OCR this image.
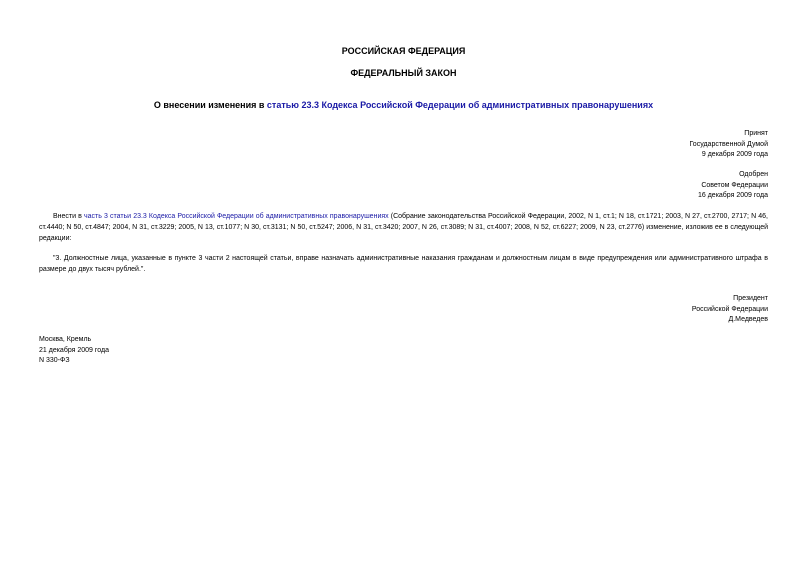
РОССИЙСКАЯ ФЕДЕРАЦИЯ
ФЕДЕРАЛЬНЫЙ ЗАКОН
О внесении изменения в статью 23.3 Кодекса Российской Федерации об административных правонарушениях
Принят
Государственной Думой
9 декабря 2009 года
Одобрен
Советом Федерации
16 декабря 2009 года
Внести в часть 3 статьи 23.3 Кодекса Российской Федерации об административных правонарушениях (Собрание законодательства Российской Федерации, 2002, N 1, ст.1; N 18, ст.1721; 2003, N 27, ст.2700, 2717; N 46, ст.4440; N 50, ст.4847; 2004, N 31, ст.3229; 2005, N 13, ст.1077; N 30, ст.3131; N 50, ст.5247; 2006, N 31, ст.3420; 2007, N 26, ст.3089; N 31, ст.4007; 2008, N 52, ст.6227; 2009, N 23, ст.2776) изменение, изложив ее в следующей редакции:
"3. Должностные лица, указанные в пункте 3 части 2 настоящей статьи, вправе назначать административные наказания гражданам и должностным лицам в виде предупреждения или административного штрафа в размере до двух тысяч рублей.".
Президент
Российской Федерации
Д.Медведев
Москва, Кремль
21 декабря 2009 года
N 330-ФЗ
